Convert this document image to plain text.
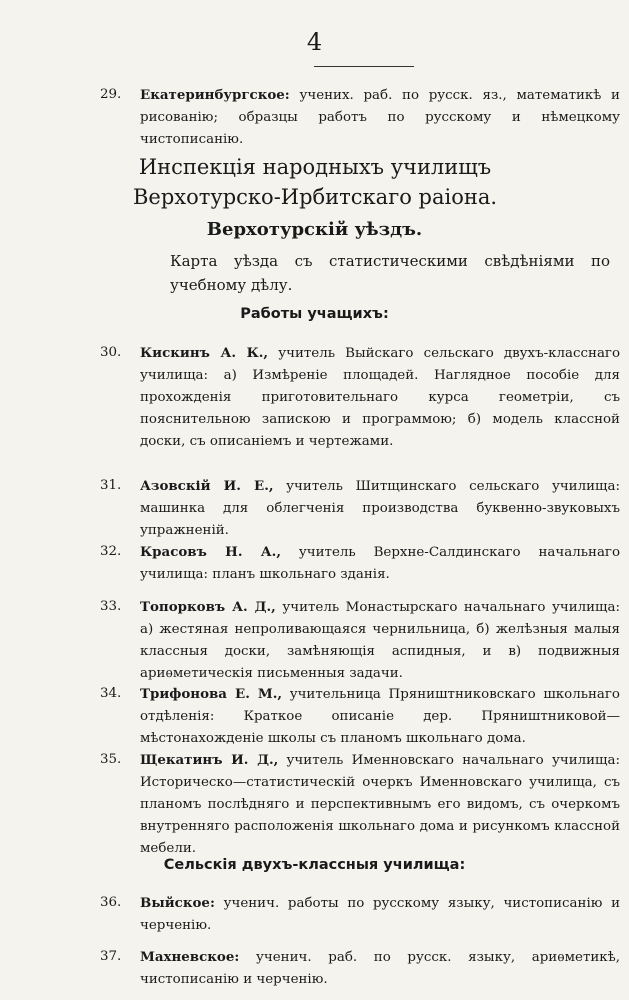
4
29. Екатеринбургское: учених. раб. по русск. яз., математикѣ и рисованію; образцы работъ по русскому и нѣмецкому чистописанію.
Инспекція народныхъ училищъ Верхотурско-Ирбитскаго раіона.
Верхотурскій уѣздъ.
Карта уѣзда съ статистическими свѣдѣніями по учебному дѣлу.
Работы учащихъ:
30. Кискинъ А. К., учитель Выйскаго сельскаго двухъ-класснаго училища: а) Измѣреніе площадей. Наглядное пособіе для прохожденія приготовительнаго курса геометріи, съ пояснительною запискою и программою; б) модель классной доски, съ описаніемъ и чертежами.
31. Азовскій И. Е., учитель Шитщинскаго сельскаго училища: машинка для облегченія производства буквенно-звуковыхъ упражненій.
32. Красовъ Н. А., учитель Верхне-Салдинскаго начальнаго училища: планъ школьнаго зданія.
33. Топорковъ А. Д., учитель Монастырскаго начальнаго училища: а) жестяная непроливающаяся чернильница, б) желѣзныя малыя классныя доски, замѣняющія аспидныя, и в) подвижныя ариѳметическія письменныя задачи.
34. Трифонова Е. М., учительница Пряништниковскаго школьнаго отдѣленія: Краткое описаніе дер. Пряништниковой—мѣстонахожденіе школы съ планомъ школьнаго дома.
35. Щекатинъ И. Д., учитель Именновскаго начальнаго училища: Историческо—статистическій очеркъ Именновскаго училища, съ планомъ послѣдняго и перспективнымъ его видомъ, съ очеркомъ внутренняго расположенія школьнаго дома и рисункомъ классной мебели.
Сельскія двухъ-классныя училища:
36. Выйское: ученич. работы по русскому языку, чистописанію и черченію.
37. Махневское: ученич. раб. по русск. языку, ариѳметикѣ, чистописанію и черченію.
